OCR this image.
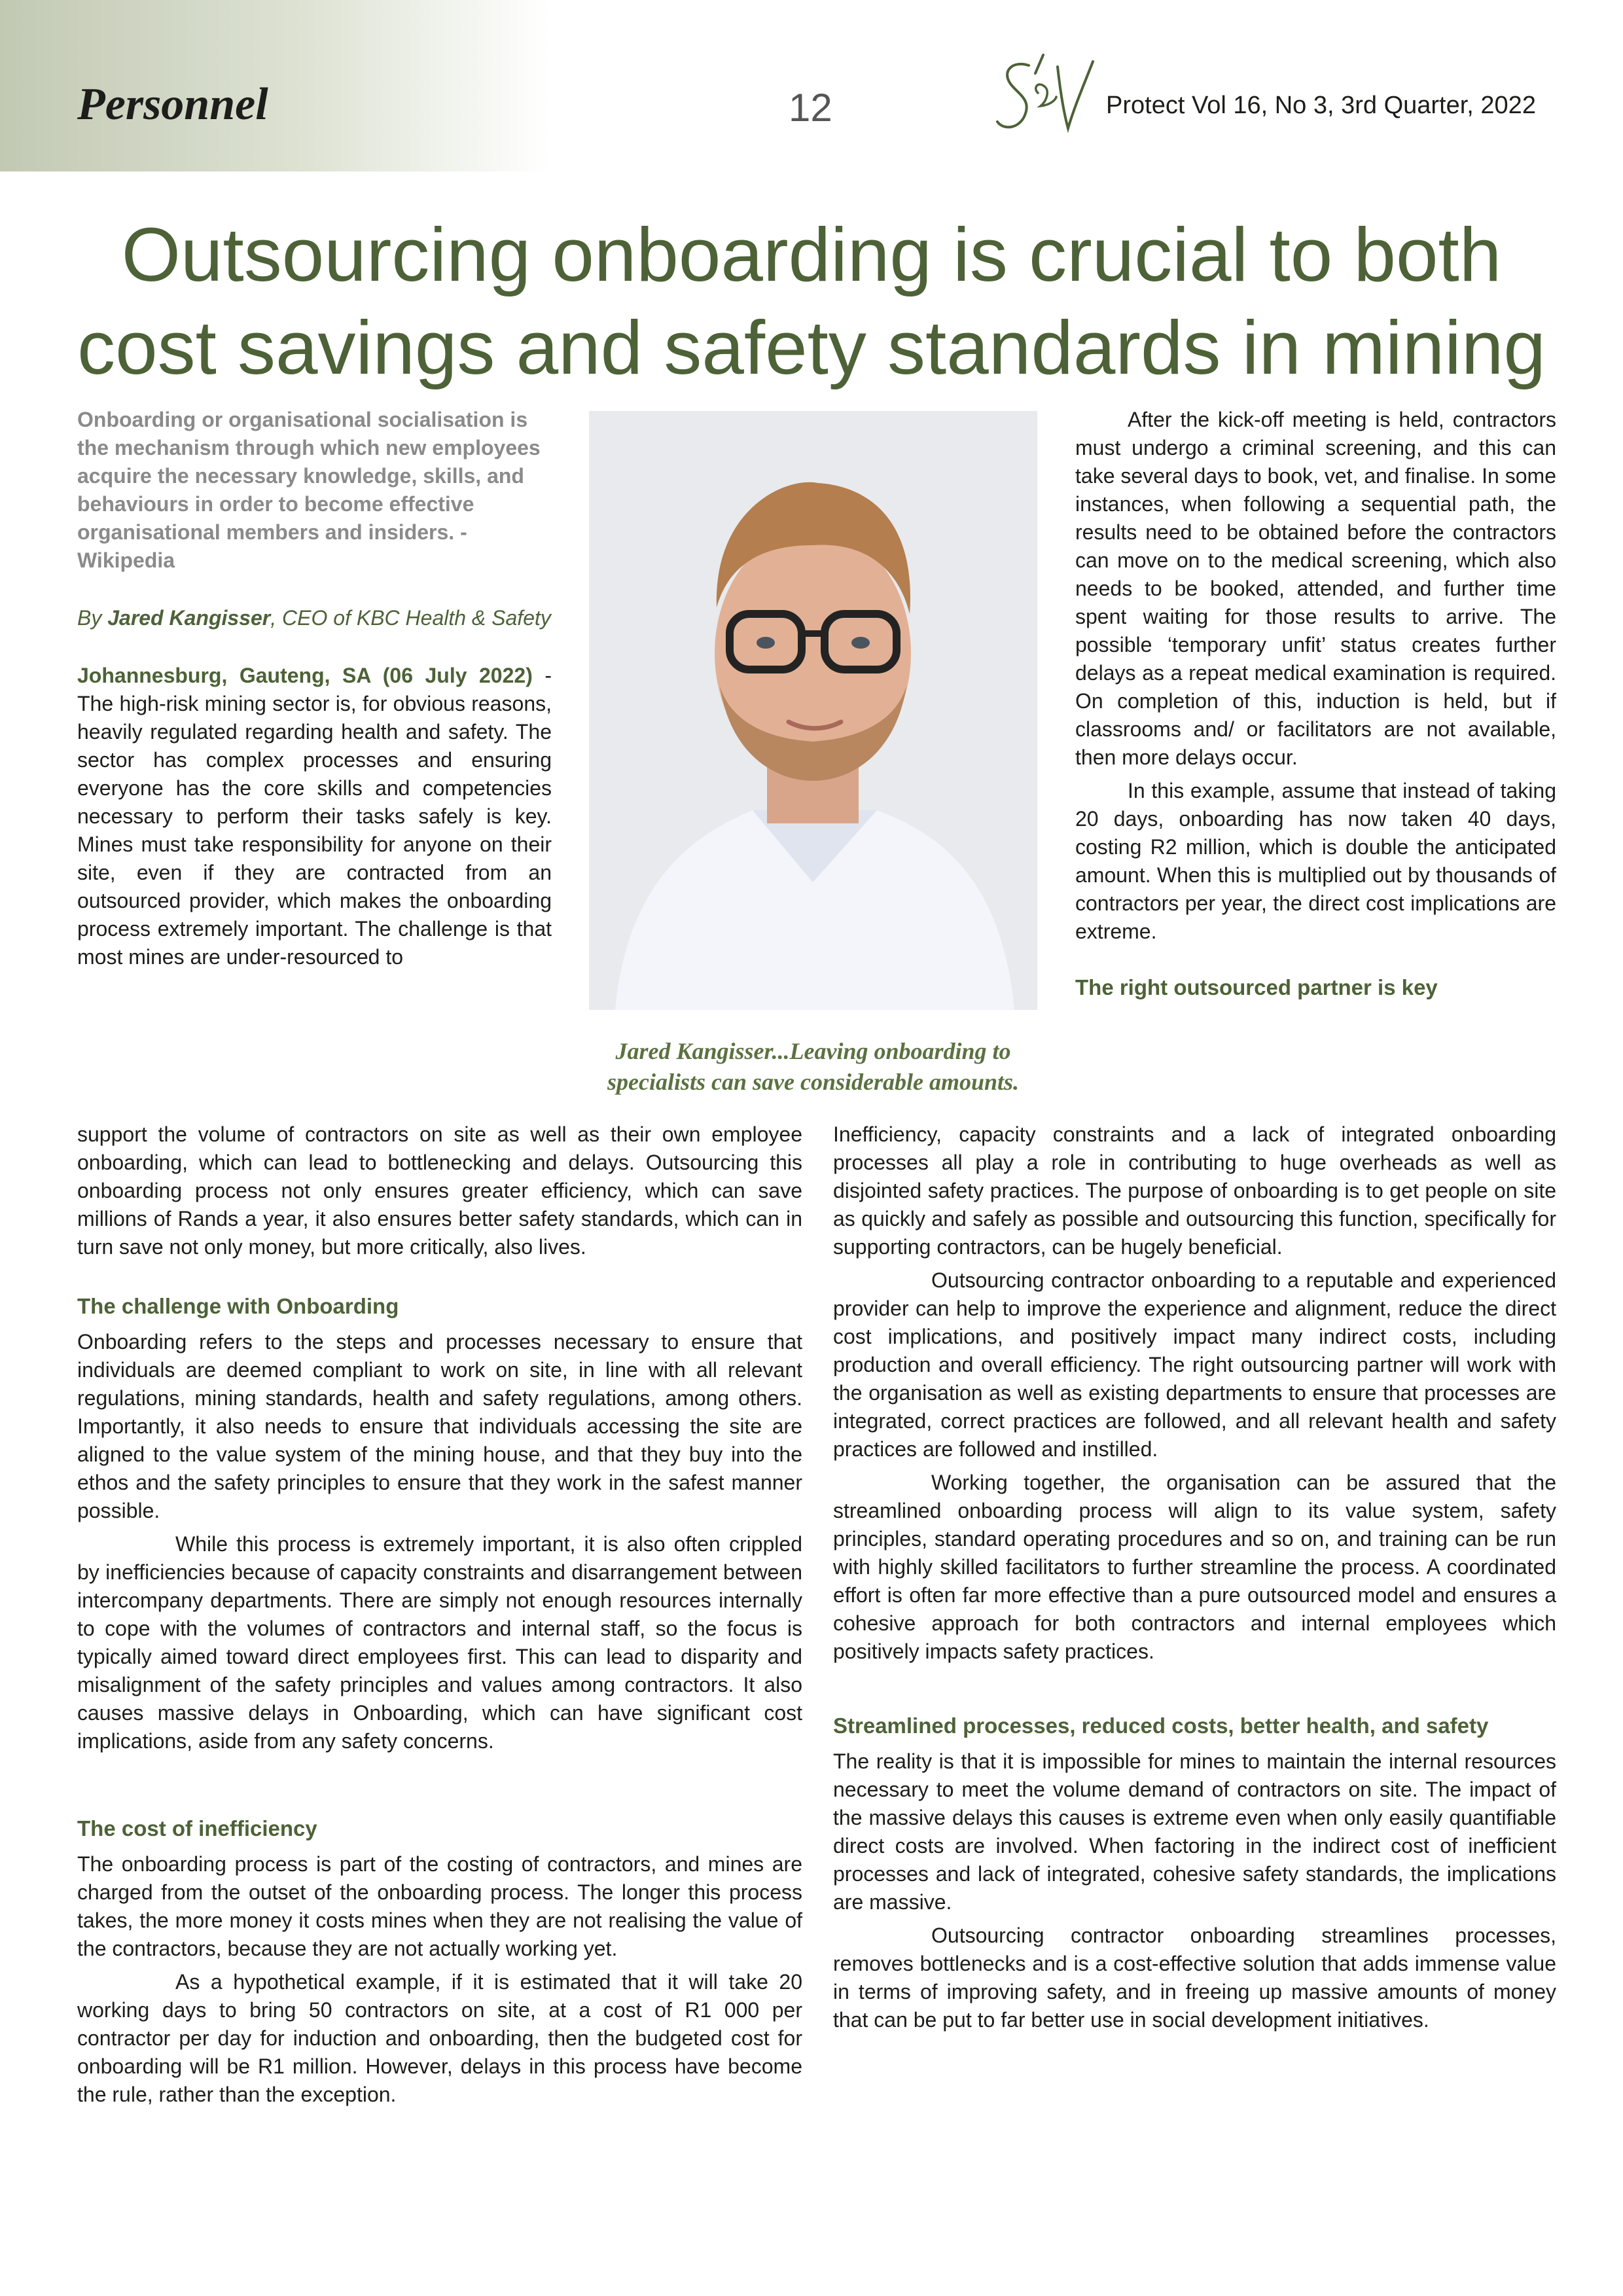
Personnel	12	Protect Vol 16, No 3, 3rd Quarter, 2022
Outsourcing onboarding is crucial to both cost savings and safety standards in mining

Onboarding or organisational socialisation is the mechanism through which new employees acquire the necessary knowledge, skills, and behaviours in order to become effective organisational members and insiders. - Wikipedia

By Jared Kangisser, CEO of KBC Health & Safety

Johannesburg, Gauteng, SA (06 July 2022) - The high-risk mining sector is, for obvious reasons, heavily regulated regarding health and safety. The sector has complex processes and ensuring everyone has the core skills and competencies necessary to perform their tasks safely is key. Mines must take responsibility for anyone on their site, even if they are contracted from an outsourced provider, which makes the onboarding process extremely important. The challenge is that most mines are under-resourced to

support the volume of contractors on site as well as their own employee onboarding, which can lead to bottlenecking and delays. Outsourcing this onboarding process not only ensures greater efficiency, which can save millions of Rands a year, it also ensures better safety standards, which can in turn save not only money, but more critically, also lives.

The challenge with Onboarding

Onboarding refers to the steps and processes necessary to ensure that individuals are deemed compliant to work on site, in line with all relevant regulations, mining standards, health and safety regulations, among others. Importantly, it also needs to ensure that individuals accessing the site are aligned to the value system of the mining house, and that they buy into the ethos and the safety principles to ensure that they work in the safest manner possible.

While this process is extremely important, it is also often crippled by inefficiencies because of capacity constraints and disarrangement between intercompany departments. There are simply not enough resources internally to cope with the volumes of contractors and internal staff, so the focus is typically aimed toward direct employees first. This can lead to disparity and misalignment of the safety principles and values among contractors. It also causes massive delays in Onboarding, which can have significant cost implications, aside from any safety concerns.

The cost of inefficiency

The onboarding process is part of the costing of contractors, and mines are charged from the outset of the onboarding process. The longer this process takes, the more money it costs mines when they are not realising the value of the contractors, because they are not actually working yet.

As a hypothetical example, if it is estimated that it will take 20 working days to bring 50 contractors on site, at a cost of R1 000 per contractor per day for induction and onboarding, then the budgeted cost for onboarding will be R1 million. However, delays in this process have become the rule, rather than the exception.

Jared Kangisser...Leaving onboarding to specialists can save considerable amounts.

After the kick-off meeting is held, contractors must undergo a criminal screening, and this can take several days to book, vet, and finalise. In some instances, when following a sequential path, the results need to be obtained before the contractors can move on to the medical screening, which also needs to be booked, attended, and further time spent waiting for those results to arrive. The possible ‘temporary unfit’ status creates further delays as a repeat medical examination is required. On completion of this, induction is held, but if classrooms and/ or facilitators are not available, then more delays occur.

In this example, assume that instead of taking 20 days, onboarding has now taken 40 days, costing R2 million, which is double the anticipated amount. When this is multiplied out by thousands of contractors per year, the direct cost implications are extreme.

The right outsourced partner is key

Inefficiency, capacity constraints and a lack of integrated onboarding processes all play a role in contributing to huge overheads as well as disjointed safety practices. The purpose of onboarding is to get people on site as quickly and safely as possible and outsourcing this function, specifically for supporting contractors, can be hugely beneficial.

Outsourcing contractor onboarding to a reputable and experienced provider can help to improve the experience and alignment, reduce the direct cost implications, and positively impact many indirect costs, including production and overall efficiency. The right outsourcing partner will work with the organisation as well as existing departments to ensure that processes are integrated, correct practices are followed, and all relevant health and safety practices are followed and instilled.

Working together, the organisation can be assured that the streamlined onboarding process will align to its value system, safety principles, standard operating procedures and so on, and training can be run with highly skilled facilitators to further streamline the process. A coordinated effort is often far more effective than a pure outsourced model and ensures a cohesive approach for both contractors and internal employees which positively impacts safety practices.

Streamlined processes, reduced costs, better health, and safety

The reality is that it is impossible for mines to maintain the internal resources necessary to meet the volume demand of contractors on site. The impact of the massive delays this causes is extreme even when only easily quantifiable direct costs are involved. When factoring in the indirect cost of inefficient processes and lack of integrated, cohesive safety standards, the implications are massive.

Outsourcing contractor onboarding streamlines processes, removes bottlenecks and is a cost-effective solution that adds immense value in terms of improving safety, and in freeing up massive amounts of money that can be put to far better use in social development initiatives.
